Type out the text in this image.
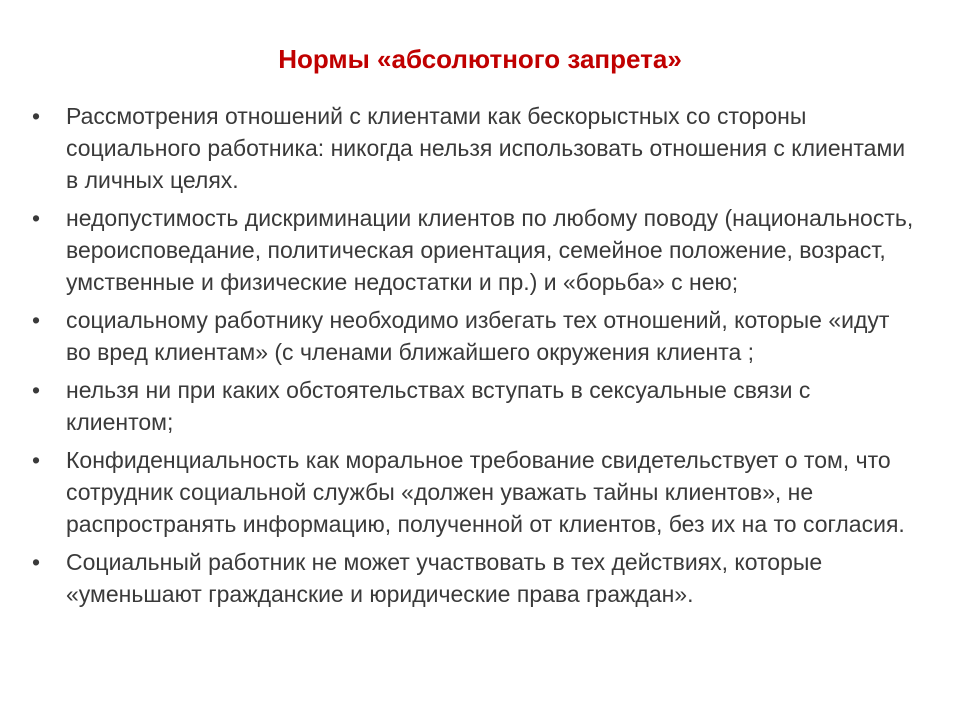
Нормы «абсолютного запрета»
• Рассмотрения отношений с клиентами как бескорыстных со стороны социального работника: никогда нельзя использовать отношения с клиентами в личных целях.
• недопустимость дискриминации клиентов по любому поводу (национальность, вероисповедание, политическая ориентация, семейное положение, возраст, умственные и физические недостатки и пр.) и «борьба» с нею;
• социальному работнику необходимо избегать тех отношений, которые «идут во вред клиентам» (с членами ближайшего окружения клиента ;
• нельзя ни при каких обстоятельствах вступать в сексуальные связи с клиентом;
• Конфиденциальность как моральное требование свидетельствует о том, что сотрудник социальной службы «должен уважать тайны клиентов», не распространять информацию, полученной от клиентов, без их на то согласия.
• Социальный работник не может участвовать в тех действиях, которые «уменьшают гражданские и юридические права граждан».
